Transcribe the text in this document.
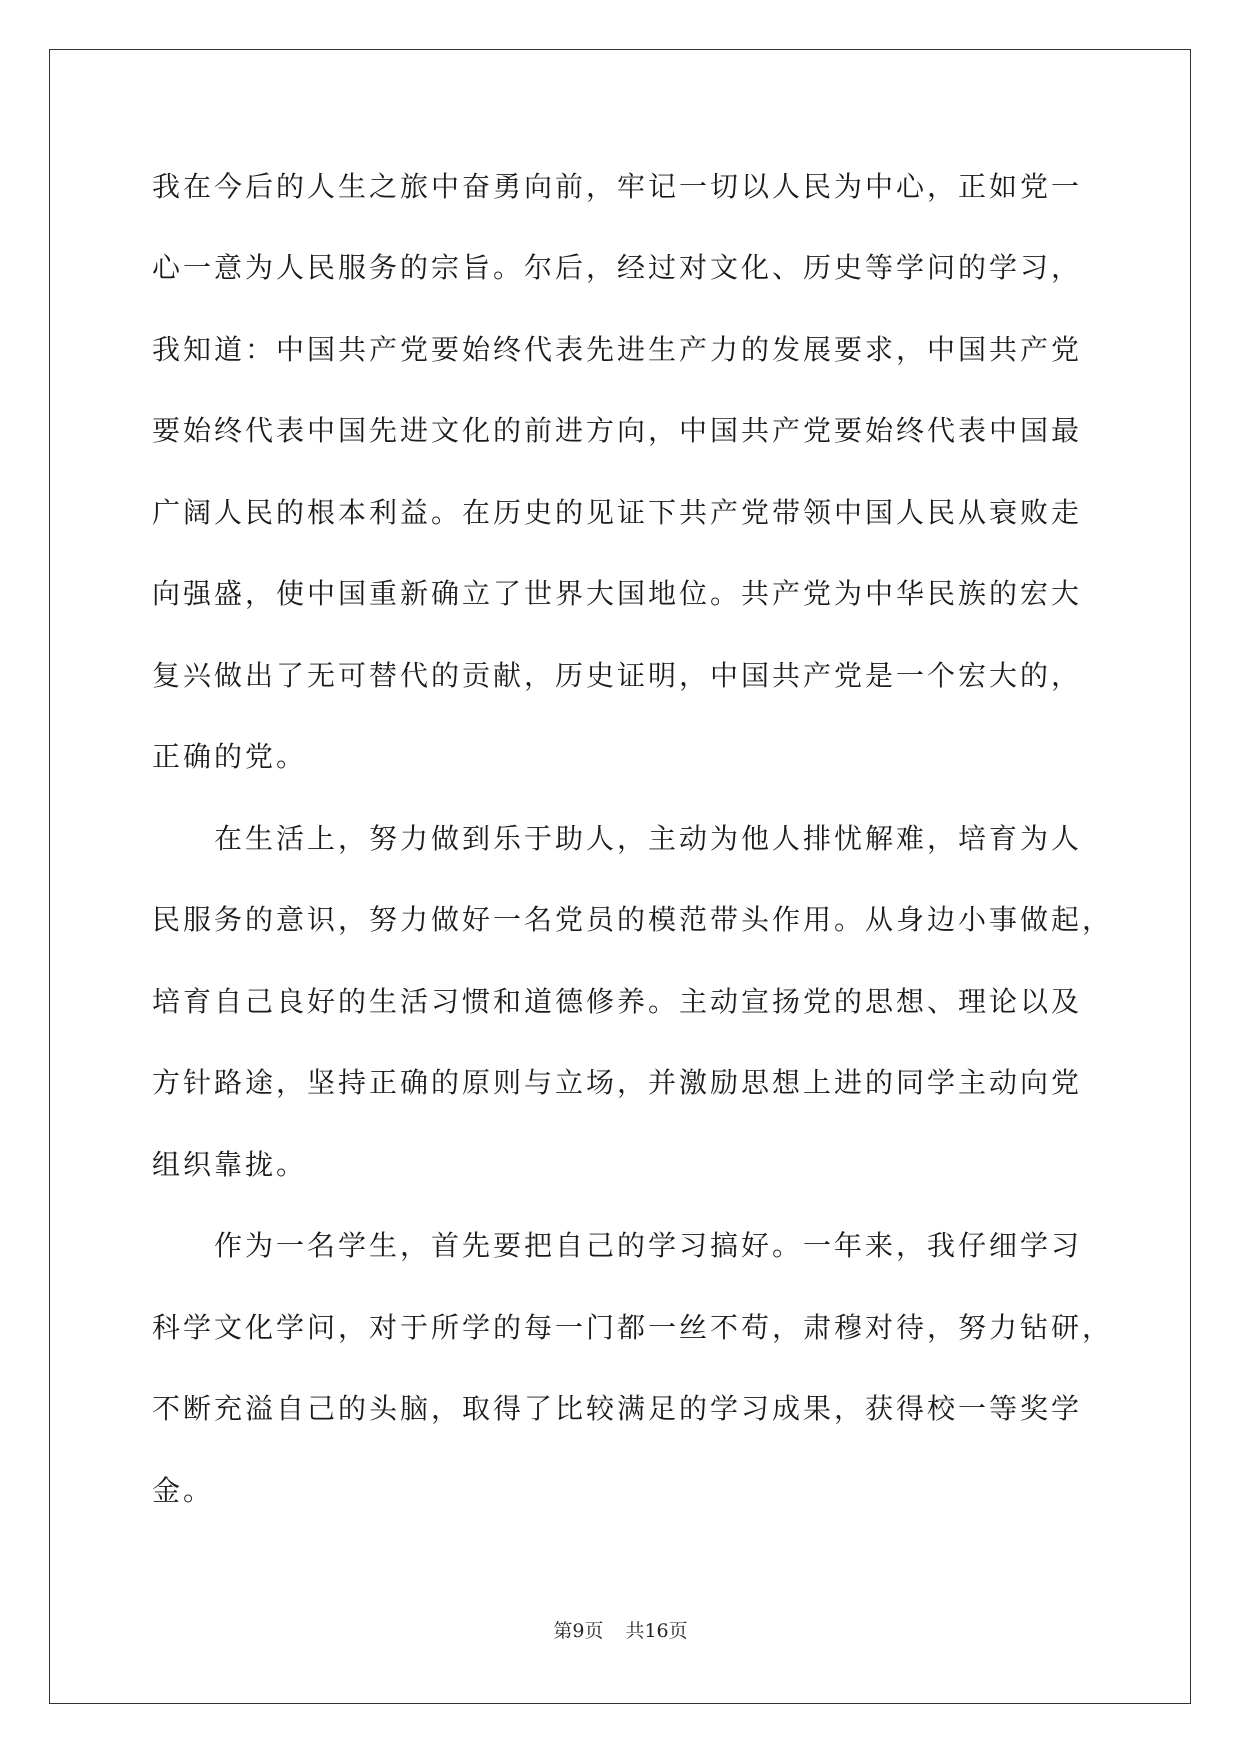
我在今后的人生之旅中奋勇向前，牢记一切以人民为中心，正如党一
心一意为人民服务的宗旨。尔后，经过对文化、历史等学问的学习，
我知道：中国共产党要始终代表先进生产力的发展要求，中国共产党
要始终代表中国先进文化的前进方向，中国共产党要始终代表中国最
广阔人民的根本利益。在历史的见证下共产党带领中国人民从衰败走
向强盛，使中国重新确立了世界大国地位。共产党为中华民族的宏大
复兴做出了无可替代的贡献，历史证明，中国共产党是一个宏大的，
正确的党。
在生活上，努力做到乐于助人，主动为他人排忧解难，培育为人
民服务的意识，努力做好一名党员的模范带头作用。从身边小事做起，
培育自己良好的生活习惯和道德修养。主动宣扬党的思想、理论以及
方针路途，坚持正确的原则与立场，并激励思想上进的同学主动向党
组织靠拢。
作为一名学生，首先要把自己的学习搞好。一年来，我仔细学习
科学文化学问，对于所学的每一门都一丝不苟，肃穆对待，努力钻研，
不断充溢自己的头脑，取得了比较满足的学习成果，获得校一等奖学
金。
第9页 共16页
